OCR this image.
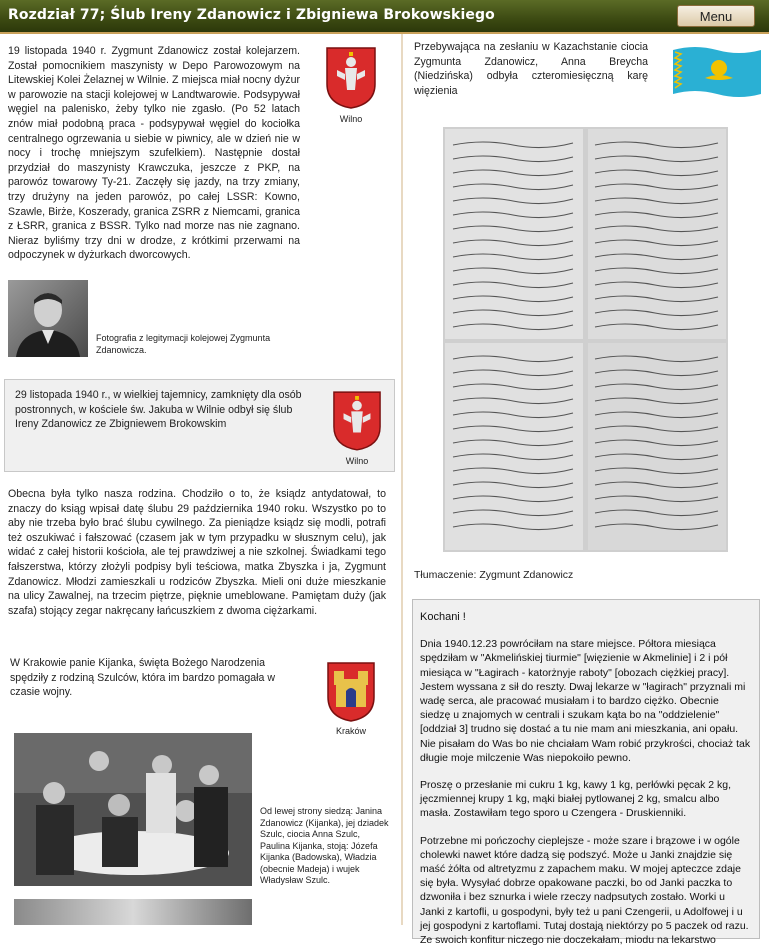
Rozdział 77; Ślub Ireny Zdanowicz i Zbigniewa Brokowskiego	Menu

19 listopada 1940 r. Zygmunt Zdanowicz został kolejarzem. Został pomocnikiem maszynisty w Depo Parowozowym na Litewskiej Kolei Żelaznej w Wilnie. Z miejsca miał nocny dyżur w parowozie na stacji kolejowej w Landtwarowie. Podsypywał węgiel na palenisko, żeby tylko nie zgasło. (Po 52 latach znów miał podobną praca - podsypywał węgiel do kociołka centralnego ogrzewania u siebie w piwnicy, ale w dzień nie w nocy i trochę mniejszym szufelkiem). Następnie dostał przydział do maszynisty Krawczuka, jeszcze z PKP, na parowóz towarowy Ty-21. Zaczęły się jazdy, na trzy zmiany, trzy drużyny na jeden parowóz, po całej LSSR: Kowno, Szawle, Birże, Koszerady, granica ZSRR z Niemcami, granica z ŁSRR, granica z BSSR. Tylko nad morze nas nie zagnano. Nieraz byliśmy trzy dni w drodze, z krótkimi przerwami na odpoczynek w dyżurkach dworcowych.

Wilno

Fotografia z legitymacji kolejowej Zygmunta Zdanowicza.

29 listopada 1940 r., w wielkiej tajemnicy, zamknięty dla osób postronnych, w kościele św. Jakuba w Wilnie odbył się ślub Ireny Zdanowicz ze Zbigniewem Brokowskim

Wilno

Obecna była tylko nasza rodzina. Chodziło o to, że ksiądz antydatował, to znaczy do ksiąg wpisał datę ślubu 29 października 1940 roku. Wszystko po to aby nie trzeba było brać ślubu cywilnego. Za pieniądze ksiądz się modli, potrafi też oszukiwać i fałszować (czasem jak w tym przypadku w słusznym celu), jak widać z całej historii kościoła, ale tej prawdziwej a nie szkolnej. Świadkami tego fałszerstwa, którzy złożyli podpisy byli teściowa, matka Zbyszka i ja, Zygmunt Zdanowicz. Młodzi zamieszkali u rodziców Zbyszka. Mieli oni duże mieszkanie na ulicy Zawalnej, na trzecim piętrze, pięknie umeblowane. Pamiętam duży (jak szafa) stojący zegar nakręcany łańcuszkiem z dwoma ciężarkami.

W Krakowie panie Kijanka, święta Bożego Narodzenia spędziły z rodziną Szulców, która im bardzo pomagała w czasie wojny.

Kraków

Od lewej strony siedzą: Janina Zdanowicz (Kijanka), jej dziadek Szulc, ciocia Anna Szulc, Paulina Kijanka, stoją: Józefa Kijanka (Badowska), Władzia (obecnie Madeja) i wujek Władysław Szulc.

Przebywająca na zesłaniu w Kazachstanie ciocia Zygmunta Zdanowicz, Anna Breycha (Niedzińska) odbyła czteromiesięczną karę więzienia

Tłumaczenie: Zygmunt Zdanowicz

Kochani !

Dnia 1940.12.23 powróciłam na stare miejsce. Półtora miesiąca spędziłam w "Akmelińskiej tiurmie" [więzienie w Akmelinie] i 2 i pół miesiąca w "Łagirach - katorżnyje raboty" [obozach ciężkiej pracy]. Jestem wyssana z sił do reszty. Dwaj lekarze w "łagirach" przyznali mi wadę serca, ale pracować musiałam i to bardzo ciężko. Obecnie siedzę u znajomych w centrali i szukam kąta bo na "oddzielenie" [oddział 3] trudno się dostać a tu nie mam ani mieszkania, ani opału. Nie pisałam do Was bo nie chciałam Wam robić przykrości, chociaż tak długie moje milczenie Was niepokoiło pewno.

Proszę o przesłanie mi cukru 1 kg, kawy 1 kg, perłówki pęcak 2 kg, jęczmiennej krupy 1 kg, mąki białej pytlowanej 2 kg, smalcu albo masła. Zostawiłam tego sporo u Czengera - Druskienniki.

Potrzebne mi pończochy cieplejsze - może szare i brązowe i w ogóle cholewki nawet które dadzą się podszyć. Może u Janki znajdzie się maść żółta od altretyzmu z zapachem maku. W mojej apteczce zdaje się była. Wysyłać dobrze opakowane paczki, bo od Janki paczka to dzwoniła i bez sznurka i wiele rzeczy nadpsutych zostało. Worki u Janki z kartofli, u gospodyni, były też u pani Czengerii, u Adolfowej i u jej gospodyni z kartoflami. Tutaj dostają niektórzy po 5 paczek od razu. Ze swoich konfitur niczego nie doczekałam, miodu na lekarstwo
